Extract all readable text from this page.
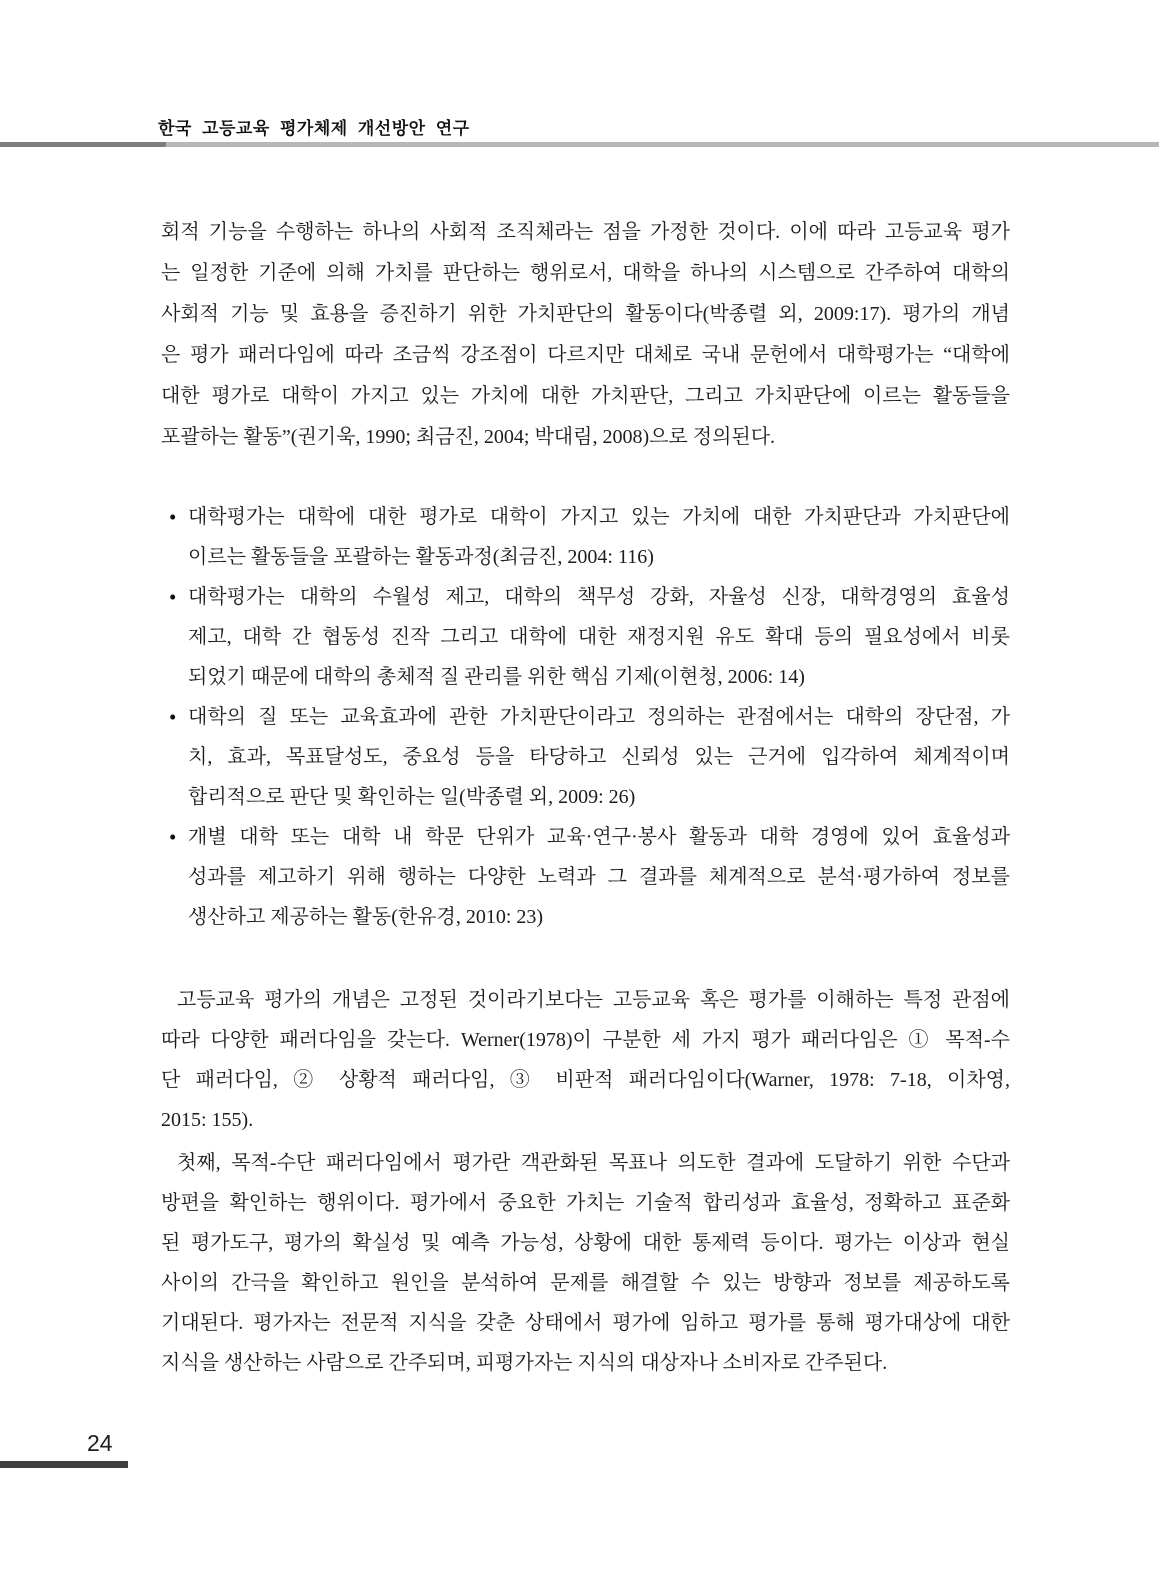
한국 고등교육 평가체제 개선방안 연구
회적 기능을 수행하는 하나의 사회적 조직체라는 점을 가정한 것이다. 이에 따라 고등교육 평가
는 일정한 기준에 의해 가치를 판단하는 행위로서, 대학을 하나의 시스템으로 간주하여 대학의
사회적 기능 및 효용을 증진하기 위한 가치판단의 활동이다(박종렬 외, 2009:17). 평가의 개념
은 평가 패러다임에 따라 조금씩 강조점이 다르지만 대체로 국내 문헌에서 대학평가는 “대학에
대한 평가로 대학이 가지고 있는 가치에 대한 가치판단, 그리고 가치판단에 이르는 활동들을
포괄하는 활동”(권기욱, 1990; 최금진, 2004; 박대림, 2008)으로 정의된다.
• 대학평가는 대학에 대한 평가로 대학이 가지고 있는 가치에 대한 가치판단과 가치판단에
이르는 활동들을 포괄하는 활동과정(최금진, 2004: 116)
• 대학평가는 대학의 수월성 제고, 대학의 책무성 강화, 자율성 신장, 대학경영의 효율성
제고, 대학 간 협동성 진작 그리고 대학에 대한 재정지원 유도 확대 등의 필요성에서 비롯
되었기 때문에 대학의 총체적 질 관리를 위한 핵심 기제(이현청, 2006: 14)
• 대학의 질 또는 교육효과에 관한 가치판단이라고 정의하는 관점에서는 대학의 장단점, 가
치, 효과, 목표달성도, 중요성 등을 타당하고 신뢰성 있는 근거에 입각하여 체계적이며
합리적으로 판단 및 확인하는 일(박종렬 외, 2009: 26)
• 개별 대학 또는 대학 내 학문 단위가 교육·연구·봉사 활동과 대학 경영에 있어 효율성과
성과를 제고하기 위해 행하는 다양한 노력과 그 결과를 체계적으로 분석·평가하여 정보를
생산하고 제공하는 활동(한유경, 2010: 23)
고등교육 평가의 개념은 고정된 것이라기보다는 고등교육 혹은 평가를 이해하는 특정 관점에
따라 다양한 패러다임을 갖는다. Werner(1978)이 구분한 세 가지 평가 패러다임은 ① 목적-수
단 패러다임, ② 상황적 패러다임, ③ 비판적 패러다임이다(Warner, 1978: 7-18, 이차영,
2015: 155).
첫째, 목적-수단 패러다임에서 평가란 객관화된 목표나 의도한 결과에 도달하기 위한 수단과
방편을 확인하는 행위이다. 평가에서 중요한 가치는 기술적 합리성과 효율성, 정확하고 표준화
된 평가도구, 평가의 확실성 및 예측 가능성, 상황에 대한 통제력 등이다. 평가는 이상과 현실
사이의 간극을 확인하고 원인을 분석하여 문제를 해결할 수 있는 방향과 정보를 제공하도록
기대된다. 평가자는 전문적 지식을 갖춘 상태에서 평가에 임하고 평가를 통해 평가대상에 대한
지식을 생산하는 사람으로 간주되며, 피평가자는 지식의 대상자나 소비자로 간주된다.
24
